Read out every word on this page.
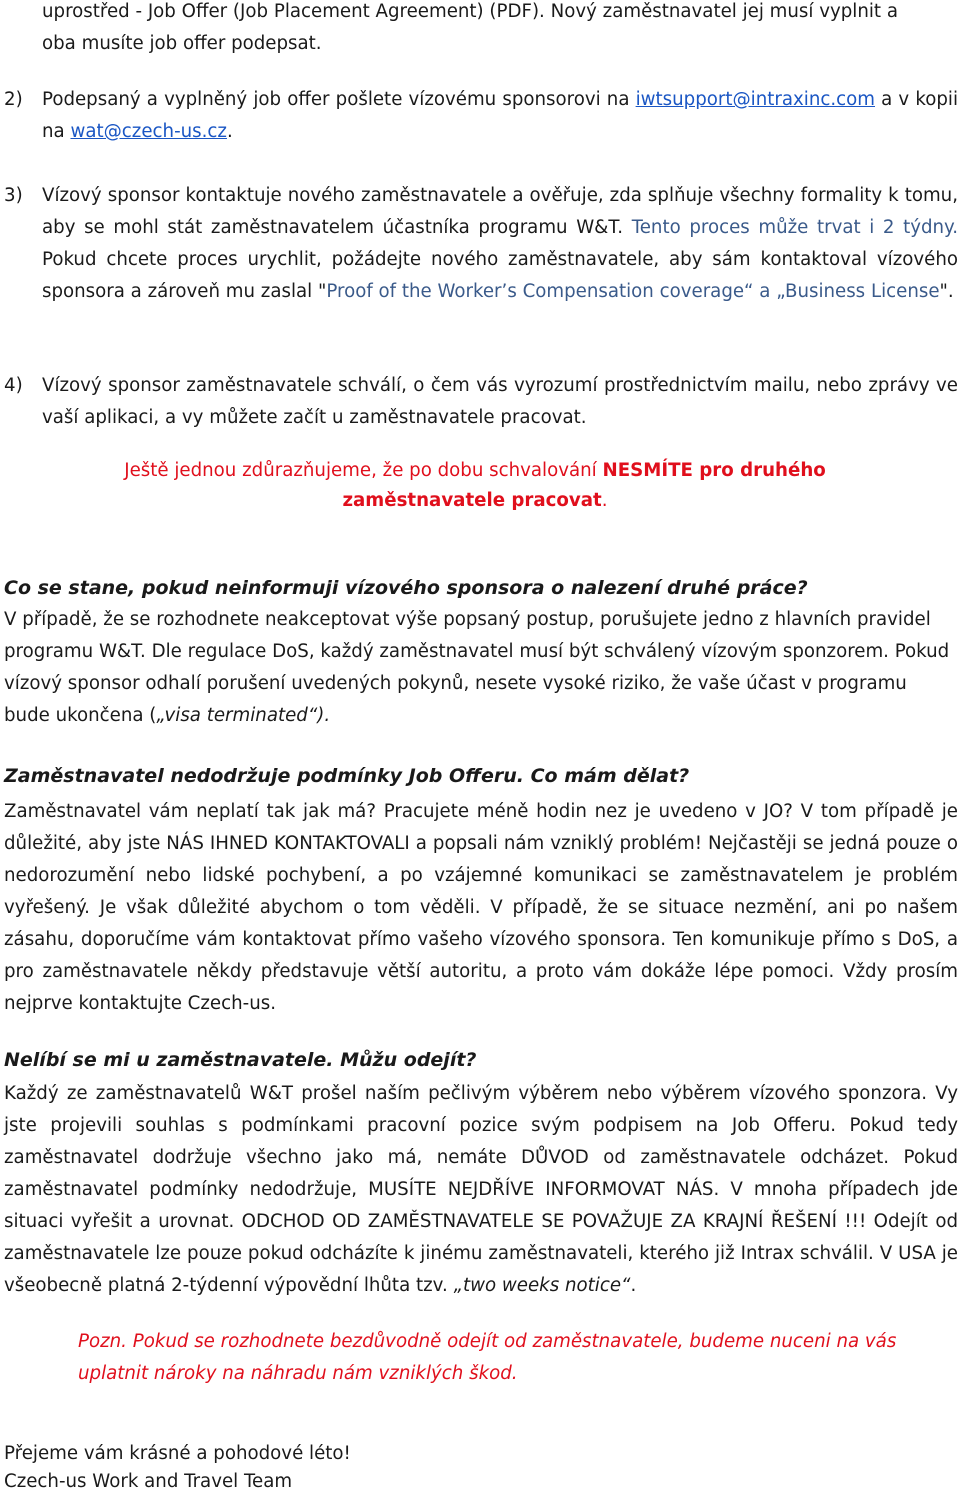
uprostřed - Job Offer (Job Placement Agreement) (PDF). Nový zaměstnavatel jej musí vyplnit a

oba musíte job offer podepsat.

2)	Podepsaný a vyplněný job offer pošlete vízovému sponsorovi na iwtsupport@intraxinc.com a v kopii na wat@czech-us.cz.
3)	Vízový sponsor kontaktuje nového zaměstnavatele a ověřuje, zda splňuje všechny formality k tomu, aby se mohl stát zaměstnavatelem účastníka programu W&T. Tento proces může trvat i 2 týdny. Pokud chcete proces urychlit, požádejte nového zaměstnavatele, aby sám kontaktoval vízového sponsora a zároveň mu zaslal "Proof of the Worker’s Compensation coverage“ a „Business License".
4)	Vízový sponsor zaměstnavatele schválí, o čem vás vyrozumí prostřednictvím mailu, nebo zprávy ve vaší aplikaci, a vy můžete začít u zaměstnavatele pracovat.

Ještě jednou zdůrazňujeme, že po dobu schvalování NESMÍTE pro druhého zaměstnavatele pracovat.

Co se stane, pokud neinformuji vízového sponsora o nalezení druhé práce?

V případě, že se rozhodnete neakceptovat výše popsaný postup, porušujete jedno z hlavních pravidel programu W&T. Dle regulace DoS, každý zaměstnavatel musí být schválený vízovým sponzorem. Pokud vízový sponsor odhalí porušení uvedených pokynů, nesete vysoké riziko, že vaše účast v programu bude ukončena („visa terminated“).

Zaměstnavatel nedodržuje podmínky Job Offeru. Co mám dělat?

Zaměstnavatel vám neplatí tak jak má? Pracujete méně hodin nez je uvedeno v JO? V tom případě je důležité, aby jste NÁS IHNED KONTAKTOVALI a popsali nám vzniklý problém! Nejčastěji se jedná pouze o nedorozumění nebo lidské pochybení, a po vzájemné komunikaci se zaměstnavatelem je problém vyřešený. Je však důležité abychom o tom věděli. V případě, že se situace nezmění, ani po našem zásahu, doporučíme vám kontaktovat přímo vašeho vízového sponsora. Ten komunikuje přímo s DoS, a pro zaměstnavatele někdy představuje větší autoritu, a proto vám dokáže lépe pomoci. Vždy prosím nejprve kontaktujte Czech-us.

Nelíbí se mi u zaměstnavatele. Můžu odejít?

Každý ze zaměstnavatelů W&T prošel naším pečlivým výběrem nebo výběrem vízového sponzora. Vy jste projevili souhlas s podmínkami pracovní pozice svým podpisem na Job Offeru. Pokud tedy zaměstnavatel dodržuje všechno jako má, nemáte DŮVOD od zaměstnavatele odcházet. Pokud zaměstnavatel podmínky nedodržuje, MUSÍTE NEJDŘÍVE INFORMOVAT NÁS. V mnoha případech jde situaci vyřešit a urovnat. ODCHOD OD ZAMĚSTNAVATELE SE POVAŽUJE ZA KRAJNÍ ŘEŠENÍ !!! Odejít od zaměstnavatele lze pouze pokud odcházíte k jinému zaměstnavateli, kterého již Intrax schválil. V USA je všeobecně platná 2-týdenní výpovědní lhůta tzv. „two weeks notice“.

Pozn. Pokud se rozhodnete bezdůvodně odejít od zaměstnavatele, budeme nuceni na vás uplatnit nároky na náhradu nám vzniklých škod.

Přejeme vám krásné a pohodové léto!

Czech-us Work and Travel Team
